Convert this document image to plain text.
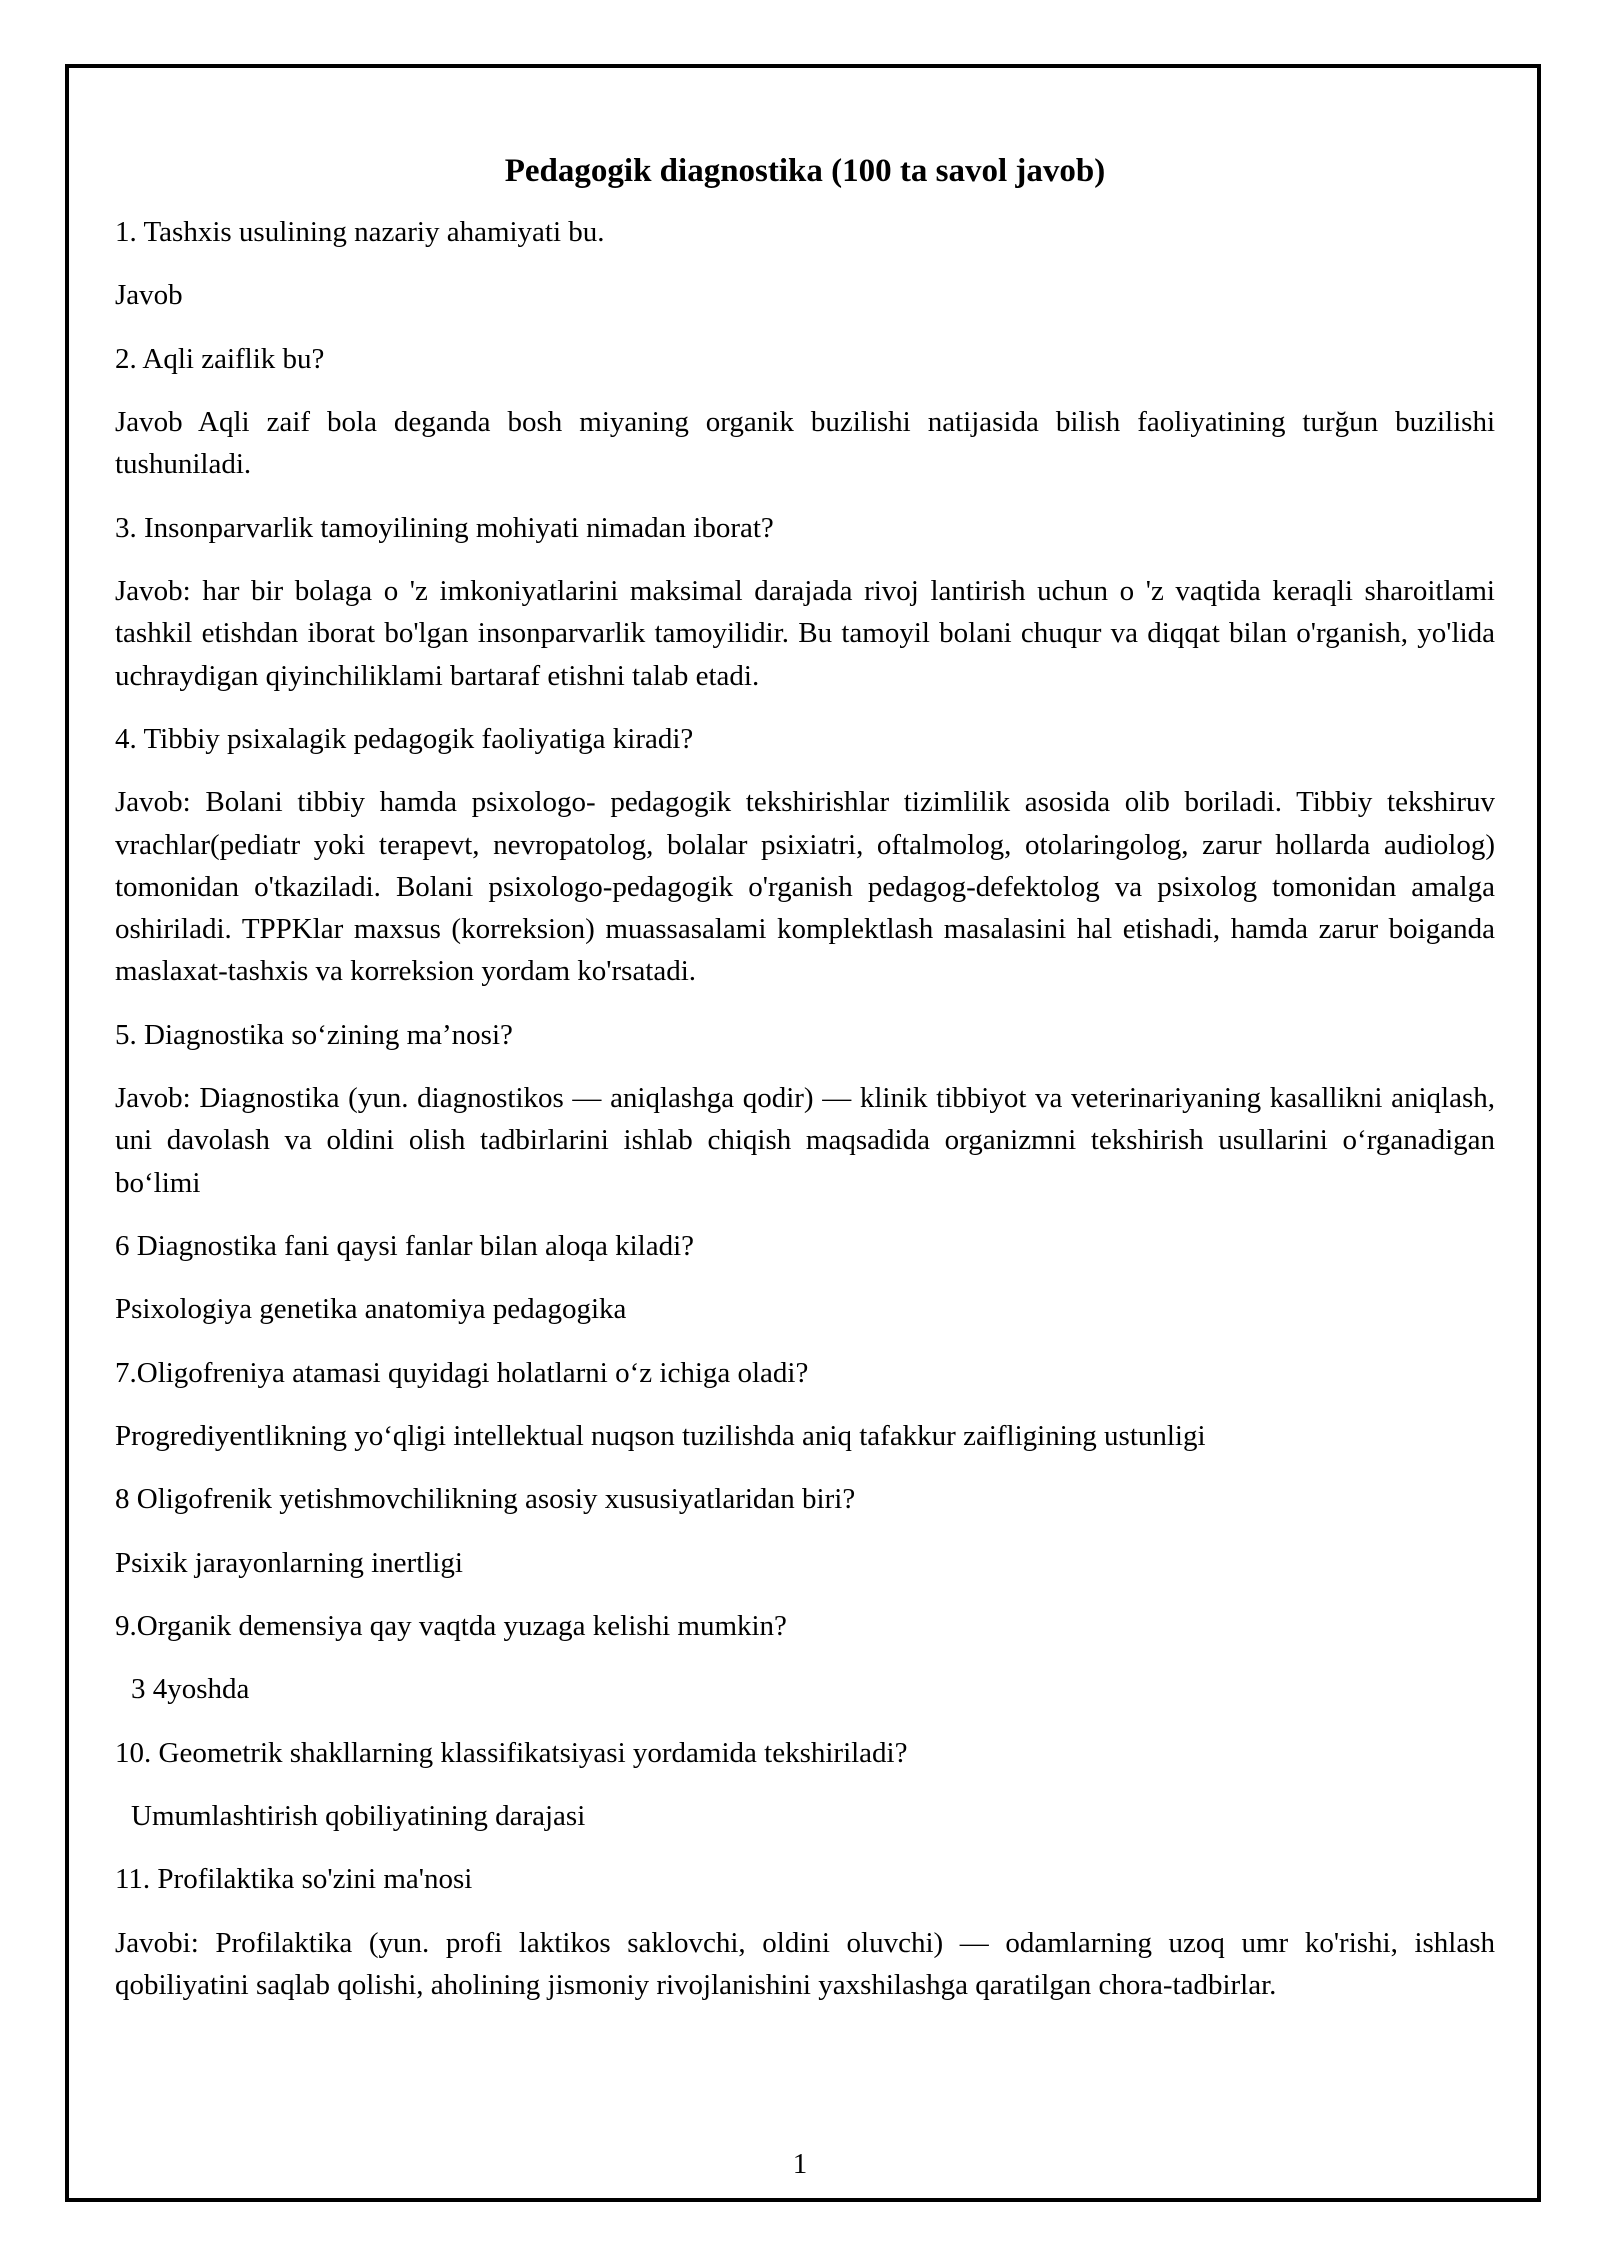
Pedagogik diagnostika (100 ta savol javob)

1. Tashxis usulining nazariy ahamiyati bu.

Javob

2. Aqli zaiflik bu?

Javob Aqli zaif bola deganda bosh miyaning organik buzilishi natijasida bilish faoliyatining turğun buzilishi tushuniladi.

3. Insonparvarlik tamoyilining mohiyati nimadan iborat?

Javob: har bir bolaga o 'z imkoniyatlarini maksimal darajada rivoj lantirish uchun o 'z vaqtida keraqli sharoitlami tashkil etishdan iborat bo'lgan insonparvarlik tamoyilidir. Bu tamoyil bolani chuqur va diqqat bilan o'rganish, yo'lida uchraydigan qiyinchiliklami bartaraf etishni talab etadi.

4. Tibbiy psixalagik pedagogik faoliyatiga kiradi?

Javob: Bolani tibbiy hamda psixologo- pedagogik tekshirishlar tizimlilik asosida olib boriladi. Tibbiy tekshiruv vrachlar(pediatr yoki terapevt, nevropatolog, bolalar psixiatri, oftalmolog, otolaringolog, zarur hollarda audiolog) tomonidan o'tkaziladi. Bolani psixologo-pedagogik o'rganish pedagog-defektolog va psixolog tomonidan amalga oshiriladi. TPPKlar maxsus (korreksion) muassasalami komplektlash masalasini hal etishadi, hamda zarur boiganda maslaxat-tashxis va korreksion yordam ko'rsatadi.

5. Diagnostika so‘zining ma’nosi?

Javob: Diagnostika (yun. diagnostikos — aniqlashga qodir) — klinik tibbiyot va veterinariyaning kasallikni aniqlash, uni davolash va oldini olish tadbirlarini ishlab chiqish maqsadida organizmni tekshirish usullarini o‘rganadigan bo‘limi

6 Diagnostika fani qaysi fanlar bilan aloqa kiladi?

Psixologiya genetika anatomiya pedagogika

7.Oligofreniya atamasi quyidagi holatlarni o‘z ichiga oladi?

Progrediyentlikning yo‘qligi intellektual nuqson tuzilishda aniq tafakkur zaifligining ustunligi

8 Oligofrenik yetishmovchilikning asosiy xususiyatlaridan biri?

Psixik jarayonlarning inertligi

9.Organik demensiya qay vaqtda yuzaga kelishi mumkin?

3 4yoshda

10. Geometrik shakllarning klassifikatsiyasi yordamida tekshiriladi?

Umumlashtirish qobiliyatining darajasi

11. Profilaktika so'zini ma'nosi

Javobi: Profilaktika (yun. profi laktikos saklovchi, oldini oluvchi) — odamlarning uzoq umr ko'rishi, ishlash qobiliyatini saqlab qolishi, aholining jismoniy rivojlanishini yaxshilashga qaratilgan chora-tadbirlar.

1
